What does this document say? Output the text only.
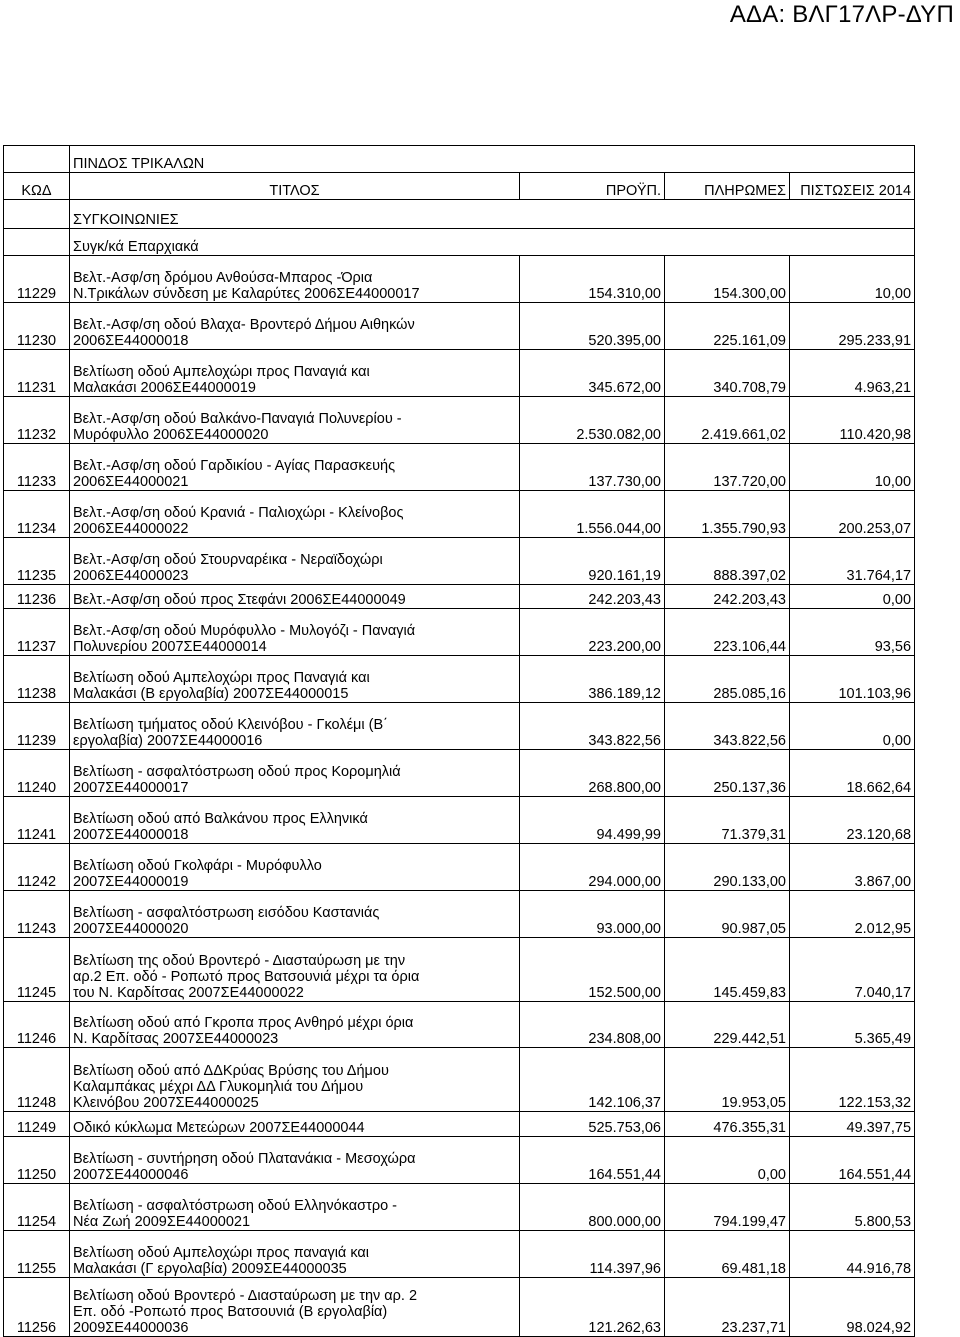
ΑΔΑ: ΒΛΓ17ΛΡ-ΔΥΠ
	ΠΙΝΔΟΣ ΤΡΙΚΑΛΩΝ			
ΚΩΔ	ΤΙΤΛΟΣ	ΠΡΟΫΠ.	ΠΛΗΡΩΜΕΣ	ΠΙΣΤΩΣΕΙΣ 2014
	ΣΥΓΚΟΙΝΩΝΙΕΣ			
	Συγκ/κά Επαρχιακά			
11229	Βελτ.-Ασφ/ση δρόμου Ανθούσα-Μπαρος -Όρια
Ν.Τρικάλων σύνδεση με Καλαρύτες 2006ΣΕ44000017	154.310,00	154.300,00	10,00
11230	Βελτ.-Ασφ/ση οδού Βλαχα- Βροντερό Δήμου Αιθηκών
2006ΣΕ44000018	520.395,00	225.161,09	295.233,91
11231	Βελτίωση οδού Αμπελοχώρι προς Παναγιά και
Μαλακάσι 2006ΣΕ44000019	345.672,00	340.708,79	4.963,21
11232	Βελτ.-Ασφ/ση οδού Βαλκάνο-Παναγιά Πολυνερίου -
Μυρόφυλλο 2006ΣΕ44000020	2.530.082,00	2.419.661,02	110.420,98
11233	Βελτ.-Ασφ/ση οδού Γαρδικίου - Αγίας Παρασκευής
2006ΣΕ44000021	137.730,00	137.720,00	10,00
11234	Βελτ.-Ασφ/ση οδού Κρανιά - Παλιοχώρι - Κλείνοβος
2006ΣΕ44000022	1.556.044,00	1.355.790,93	200.253,07
11235	Βελτ.-Ασφ/ση οδού Στουρναρέικα - Νεραϊδοχώρι
2006ΣΕ44000023	920.161,19	888.397,02	31.764,17
11236	Βελτ.-Ασφ/ση οδού προς Στεφάνι 2006ΣΕ44000049	242.203,43	242.203,43	0,00
11237	Βελτ.-Ασφ/ση οδού Μυρόφυλλο - Μυλογόζι - Παναγιά
Πολυνερίου 2007ΣΕ44000014	223.200,00	223.106,44	93,56
11238	Βελτίωση οδού Αμπελοχώρι προς Παναγιά και
Μαλακάσι (Β εργολαβία) 2007ΣΕ44000015	386.189,12	285.085,16	101.103,96
11239	Βελτίωση τμήματος οδού Κλεινόβου - Γκολέμι (Β΄
εργολαβία) 2007ΣΕ44000016	343.822,56	343.822,56	0,00
11240	Βελτίωση - ασφαλτόστρωση οδού προς Κορομηλιά
2007ΣΕ44000017	268.800,00	250.137,36	18.662,64
11241	Βελτίωση οδού από Βαλκάνου προς Ελληνικά
2007ΣΕ44000018	94.499,99	71.379,31	23.120,68
11242	Βελτίωση οδού Γκολφάρι - Μυρόφυλλο
2007ΣΕ44000019	294.000,00	290.133,00	3.867,00
11243	Βελτίωση - ασφαλτόστρωση εισόδου Καστανιάς
2007ΣΕ44000020	93.000,00	90.987,05	2.012,95
11245	Βελτίωση της οδού Βροντερό - Διασταύρωση με την
αρ.2 Επ. οδό - Ροπωτό προς Βατσουνιά μέχρι τα όρια
του Ν. Καρδίτσας 2007ΣΕ44000022	152.500,00	145.459,83	7.040,17
11246	Βελτίωση οδού από Γκροπα προς Ανθηρό μέχρι όρια
Ν. Καρδίτσας 2007ΣΕ44000023	234.808,00	229.442,51	5.365,49
11248	Βελτίωση οδού από ΔΔΚρύας Βρύσης του Δήμου
Καλαμπάκας μέχρι ΔΔ Γλυκομηλιά του Δήμου
Κλεινόβου 2007ΣΕ44000025	142.106,37	19.953,05	122.153,32
11249	Οδικό κύκλωμα Μετεώρων 2007ΣΕ44000044	525.753,06	476.355,31	49.397,75
11250	Βελτίωση - συντήρηση οδού Πλατανάκια - Μεσοχώρα
2007ΣΕ44000046	164.551,44	0,00	164.551,44
11254	Βελτίωση - ασφαλτόστρωση οδού Ελληνόκαστρο -
Νέα Ζωή 2009ΣΕ44000021	800.000,00	794.199,47	5.800,53
11255	Βελτίωση οδού Αμπελοχώρι προς παναγιά και
Μαλακάσι (Γ εργολαβία) 2009ΣΕ44000035	114.397,96	69.481,18	44.916,78
11256	Βελτίωση οδού Βροντερό - Διασταύρωση με την αρ. 2
Επ. οδό -Ροπωτό προς Βατσουνιά (Β εργολαβία)
2009ΣΕ44000036	121.262,63	23.237,71	98.024,92
